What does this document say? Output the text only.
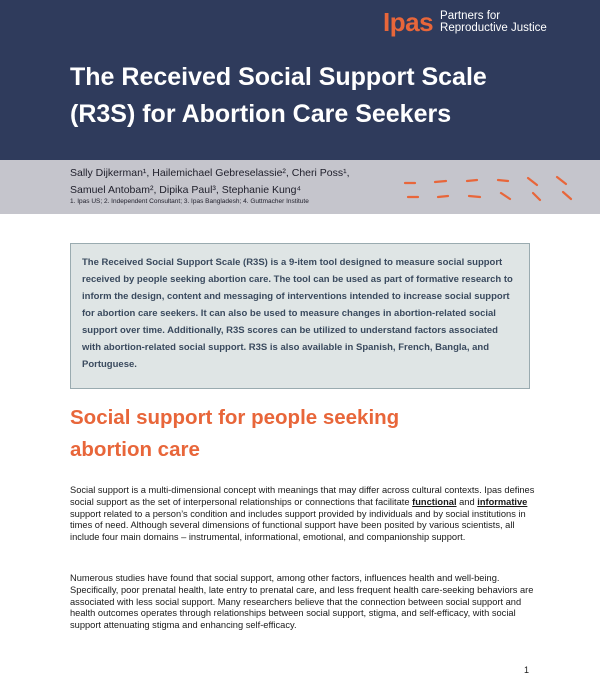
Ipas Partners for
Reproductive Justice
The Received Social Support Scale
(R3S) for Abortion Care Seekers
Sally Dijkerman¹, Hailemichael Gebreselassie², Cheri Poss¹,
Samuel Antobam², Dipika Paul³, Stephanie Kung⁴
1. Ipas US; 2. Independent Consultant; 3. Ipas Bangladesh; 4. Guttmacher Institute

The Received Social Support Scale (R3S) is a 9-item tool designed to measure social support received by people seeking abortion care. The tool can be used as part of formative research to inform the design, content and messaging of interventions intended to increase social support for abortion care seekers. It can also be used to measure changes in abortion-related social support over time. Additionally, R3S scores can be utilized to understand factors associated with abortion-related social support. R3S is also available in Spanish, French, Bangla, and Portuguese.

Social support for people seeking
abortion care

Social support is a multi-dimensional concept with meanings that may differ across cultural contexts. Ipas defines social support as the set of interpersonal relationships or connections that facilitate functional and informative support related to a person’s condition and includes support provided by individuals and by social institutions in times of need. Although several dimensions of functional support have been posited by various scientists, all include four main domains – instrumental, informational, emotional, and companionship support.

Numerous studies have found that social support, among other factors, influences health and well-being. Specifically, poor prenatal health, late entry to prenatal care, and less frequent health care-seeking behaviors are associated with less social support. Many researchers believe that the connection between social support and health outcomes operates through relationships between social support, stigma, and self-efficacy, with social support attenuating stigma and enhancing self-efficacy.

1
